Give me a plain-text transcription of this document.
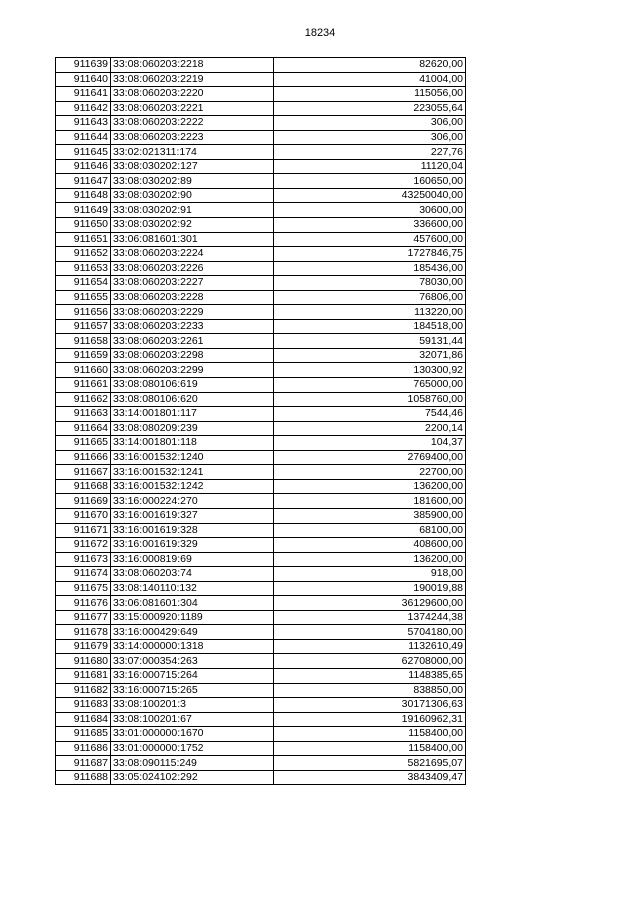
18234
911639	33:08:060203:2218	82620,00
911640	33:08:060203:2219	41004,00
911641	33:08:060203:2220	115056,00
911642	33:08:060203:2221	223055,64
911643	33:08:060203:2222	306,00
911644	33:08:060203:2223	306,00
911645	33:02:021311:174	227,76
911646	33:08:030202:127	11120,04
911647	33:08:030202:89	160650,00
911648	33:08:030202:90	43250040,00
911649	33:08:030202:91	30600,00
911650	33:08:030202:92	336600,00
911651	33:06:081601:301	457600,00
911652	33:08:060203:2224	1727846,75
911653	33:08:060203:2226	185436,00
911654	33:08:060203:2227	78030,00
911655	33:08:060203:2228	76806,00
911656	33:08:060203:2229	113220,00
911657	33:08:060203:2233	184518,00
911658	33:08:060203:2261	59131,44
911659	33:08:060203:2298	32071,86
911660	33:08:060203:2299	130300,92
911661	33:08:080106:619	765000,00
911662	33:08:080106:620	1058760,00
911663	33:14:001801:117	7544,46
911664	33:08:080209:239	2200,14
911665	33:14:001801:118	104,37
911666	33:16:001532:1240	2769400,00
911667	33:16:001532:1241	22700,00
911668	33:16:001532:1242	136200,00
911669	33:16:000224:270	181600,00
911670	33:16:001619:327	385900,00
911671	33:16:001619:328	68100,00
911672	33:16:001619:329	408600,00
911673	33:16:000819:69	136200,00
911674	33:08:060203:74	918,00
911675	33:08:140110:132	190019,88
911676	33:06:081601:304	36129600,00
911677	33:15:000920:1189	1374244,38
911678	33:16:000429:649	5704180,00
911679	33:14:000000:1318	1132610,49
911680	33:07:000354:263	62708000,00
911681	33:16:000715:264	1148385,65
911682	33:16:000715:265	838850,00
911683	33:08:100201:3	30171306,63
911684	33:08:100201:67	19160962,31
911685	33:01:000000:1670	1158400,00
911686	33:01:000000:1752	1158400,00
911687	33:08:090115:249	5821695,07
911688	33:05:024102:292	3843409,47
